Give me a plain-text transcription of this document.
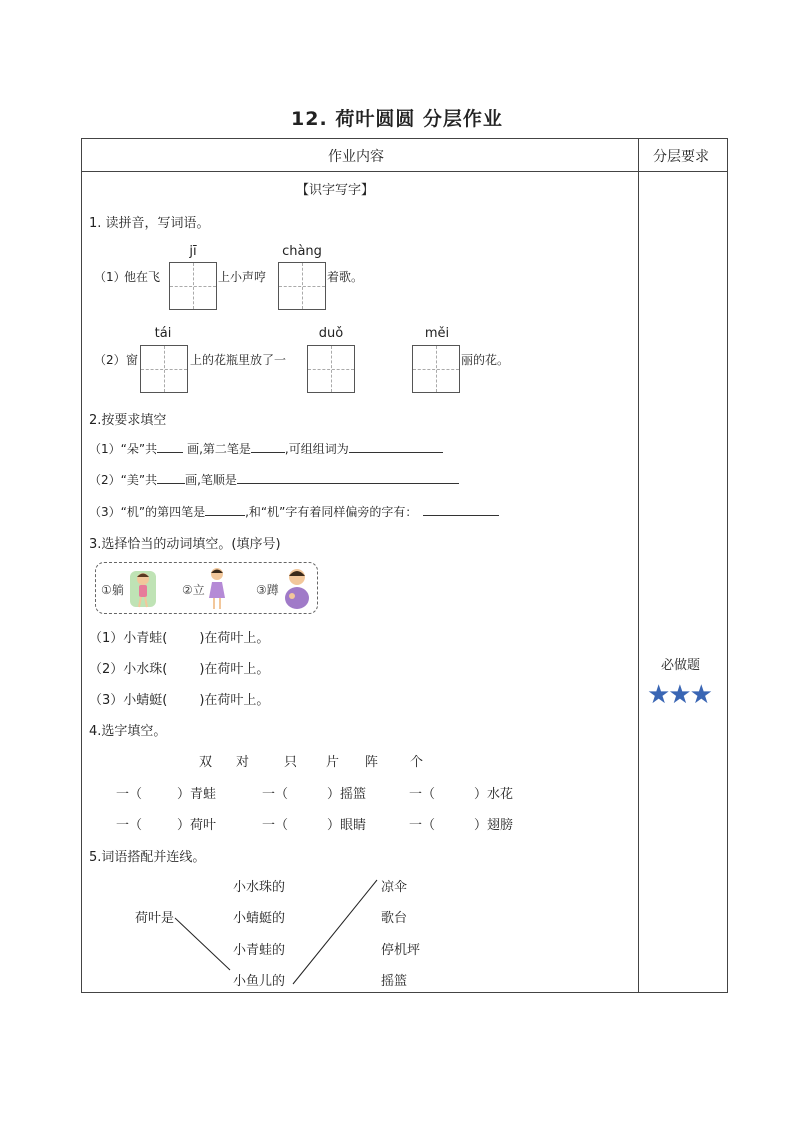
12. 荷叶圆圆 分层作业
作业内容	分层要求
【识字写字】
1. 读拼音，写词语。
jī	chàng
（1）
他在飞	上小声哼	着歌。
tái	duǒ	měi
（2） 窗	上的花瓶里放了一	丽的花。
2.按要求填空
（1）“朵”共	画,第二笔是	,可组组词为
（2）“美”共 画,笔顺是
（3）“机”的第四笔是	,和“机”字有着同样偏旁的字有：
3.选择恰当的动词填空。(填序号)
①躺	②立	③蹲
（1）小青蛙( )在荷叶上。
（2）小水珠( )在荷叶上。
（3）小蜻蜓( )在荷叶上。
4.选字填空。
双 对	只 片 阵 个
一（	）青蛙	一（	）摇篮	一（	）水花
一（	）荷叶	一（	）眼睛	一（	）翅膀
5.词语搭配并连线。
荷叶是
小水珠的
小蜻蜓的
小青蛙的
小鱼儿的
凉伞
歌台
停机坪
摇篮
必做题
★★★
